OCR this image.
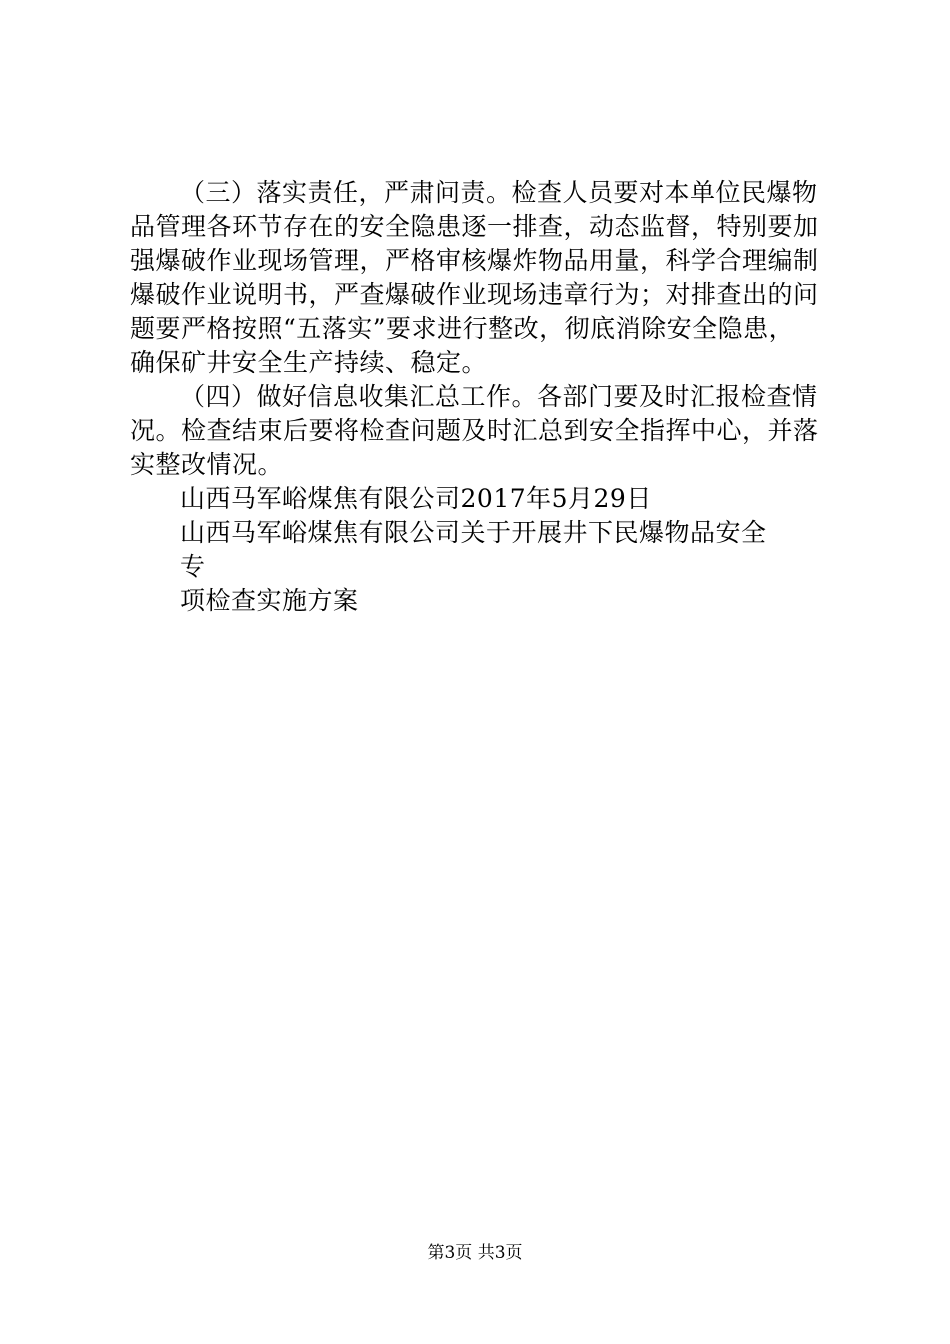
（三）落实责任，严肃问责。检查人员要对本单位民爆物
品管理各环节存在的安全隐患逐一排查，动态监督，特别要加
强爆破作业现场管理，严格审核爆炸物品用量，科学合理编制
爆破作业说明书，严查爆破作业现场违章行为；对排查出的问
题要严格按照“五落实”要求进行整改，彻底消除安全隐患，
确保矿井安全生产持续、稳定。
（四）做好信息收集汇总工作。各部门要及时汇报检查情
况。检查结束后要将检查问题及时汇总到安全指挥中心，并落
实整改情况。
山西马军峪煤焦有限公司2017年5月29日
山西马军峪煤焦有限公司关于开展井下民爆物品安全
专
项检查实施方案
第3页 共3页
